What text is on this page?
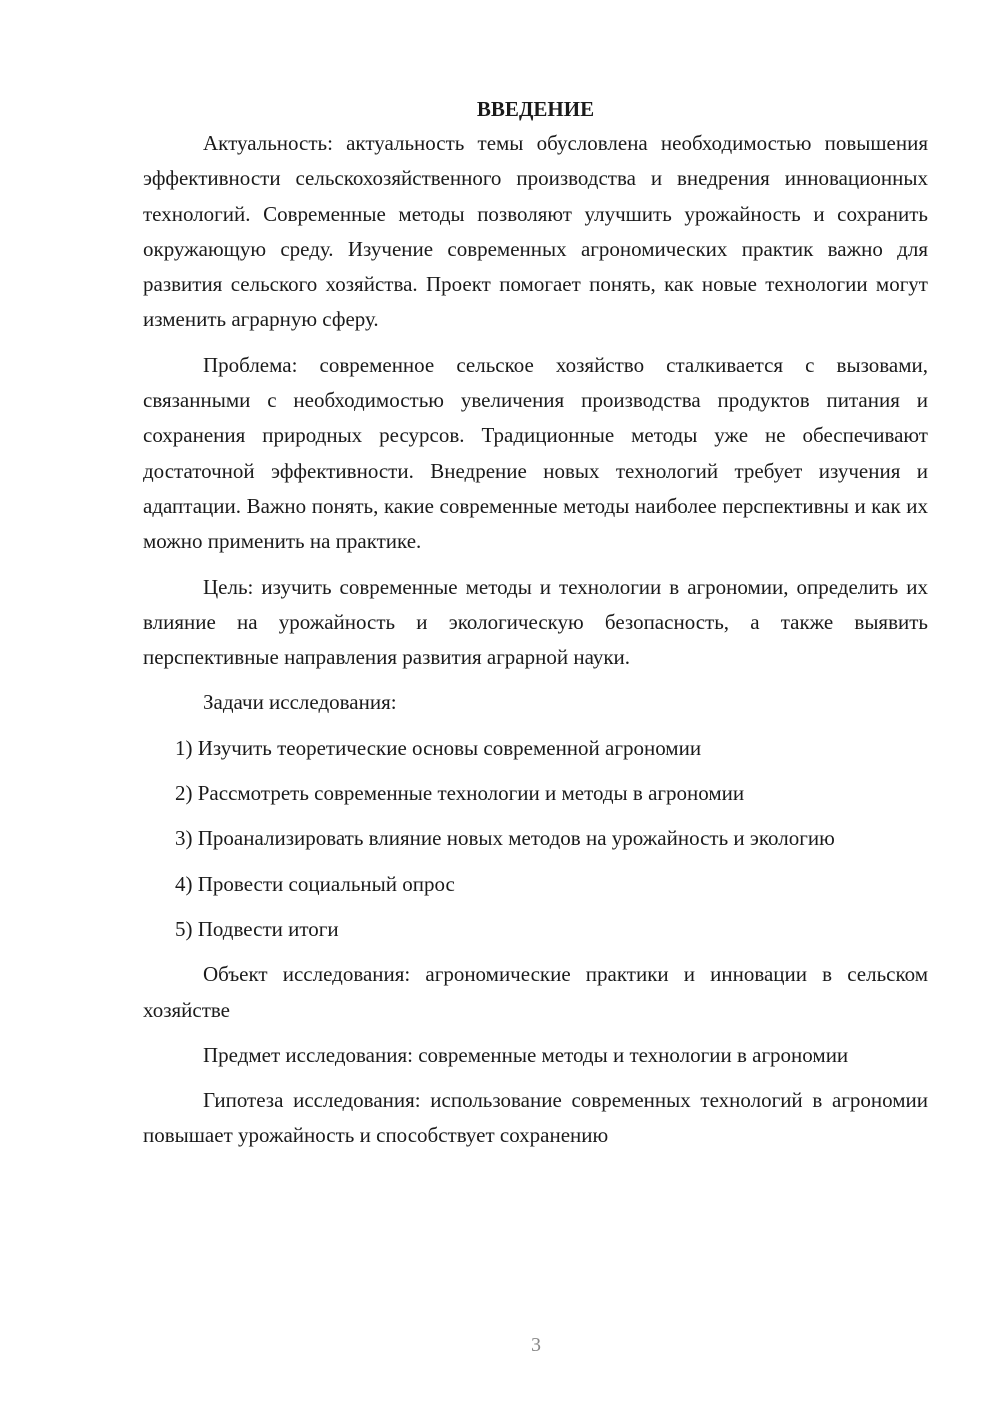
ВВЕДЕНИЕ

Актуальность: актуальность темы обусловлена необходимостью повышения эффективности сельскохозяйственного производства и внедрения инновационных технологий. Современные методы позволяют улучшить урожайность и сохранить окружающую среду. Изучение современных агрономических практик важно для развития сельского хозяйства. Проект помогает понять, как новые технологии могут изменить аграрную сферу.

Проблема: современное сельское хозяйство сталкивается с вызовами, связанными с необходимостью увеличения производства продуктов питания и сохранения природных ресурсов. Традиционные методы уже не обеспечивают достаточной эффективности. Внедрение новых технологий требует изучения и адаптации. Важно понять, какие современные методы наиболее перспективны и как их можно применить на практике.

Цель: изучить современные методы и технологии в агрономии, определить их влияние на урожайность и экологическую безопасность, а также выявить перспективные направления развития аграрной науки.

Задачи исследования:

1) Изучить теоретические основы современной агрономии

2) Рассмотреть современные технологии и методы в агрономии

3) Проанализировать влияние новых методов на урожайность и экологию

4) Провести социальный опрос

5) Подвести итоги

Объект исследования: агрономические практики и инновации в сельском хозяйстве

Предмет исследования: современные методы и технологии в агрономии

Гипотеза исследования: использование современных технологий в агрономии повышает урожайность и способствует сохранению

3
